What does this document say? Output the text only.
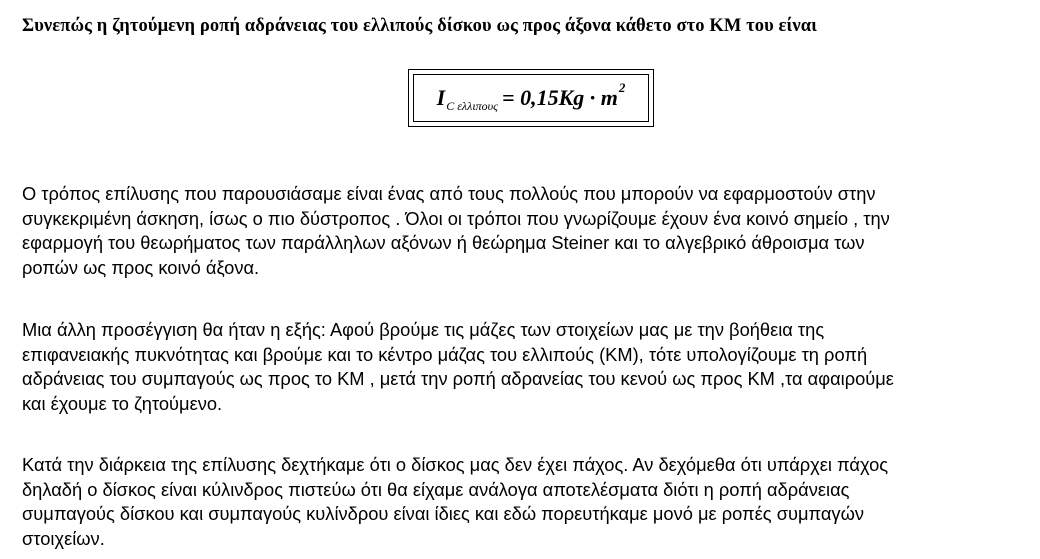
Συνεπώς η ζητούμενη ροπή αδράνειας του ελλιπούς δίσκου ως προς άξονα κάθετο στο ΚΜ του είναι
I C ελλιπους = 0,15Kg · m 2
Ο τρόπος επίλυσης που παρουσιάσαμε είναι ένας από τους πολλούς που μπορούν να εφαρμοστούν στην
συγκεκριμένη άσκηση, ίσως ο πιο δύστροπος . Όλοι οι τρόποι που γνωρίζουμε έχουν ένα κοινό σημείο , την
εφαρμογή του θεωρήματος των παράλληλων αξόνων ή θεώρημα Steiner και το αλγεβρικό άθροισμα των
ροπών ως προς κοινό άξονα.
Μια άλλη προσέγγιση θα ήταν η εξής: Αφού βρούμε τις μάζες των στοιχείων μας με την βοήθεια της
επιφανειακής πυκνότητας και βρούμε και το κέντρο μάζας του ελλιπούς (ΚΜ), τότε υπολογίζουμε τη ροπή
αδράνειας του συμπαγούς ως προς το ΚΜ , μετά την ροπή αδρανείας του κενού ως προς ΚΜ ,τα αφαιρούμε
και έχουμε το ζητούμενο.
Κατά την διάρκεια της επίλυσης δεχτήκαμε ότι ο δίσκος μας δεν έχει πάχος. Αν δεχόμεθα ότι υπάρχει πάχος
δηλαδή ο δίσκος είναι κύλινδρος πιστεύω ότι θα είχαμε ανάλογα αποτελέσματα διότι η ροπή αδράνειας
συμπαγούς δίσκου και συμπαγούς κυλίνδρου είναι ίδιες και εδώ πορευτήκαμε μονό με ροπές συμπαγών
στοιχείων.
